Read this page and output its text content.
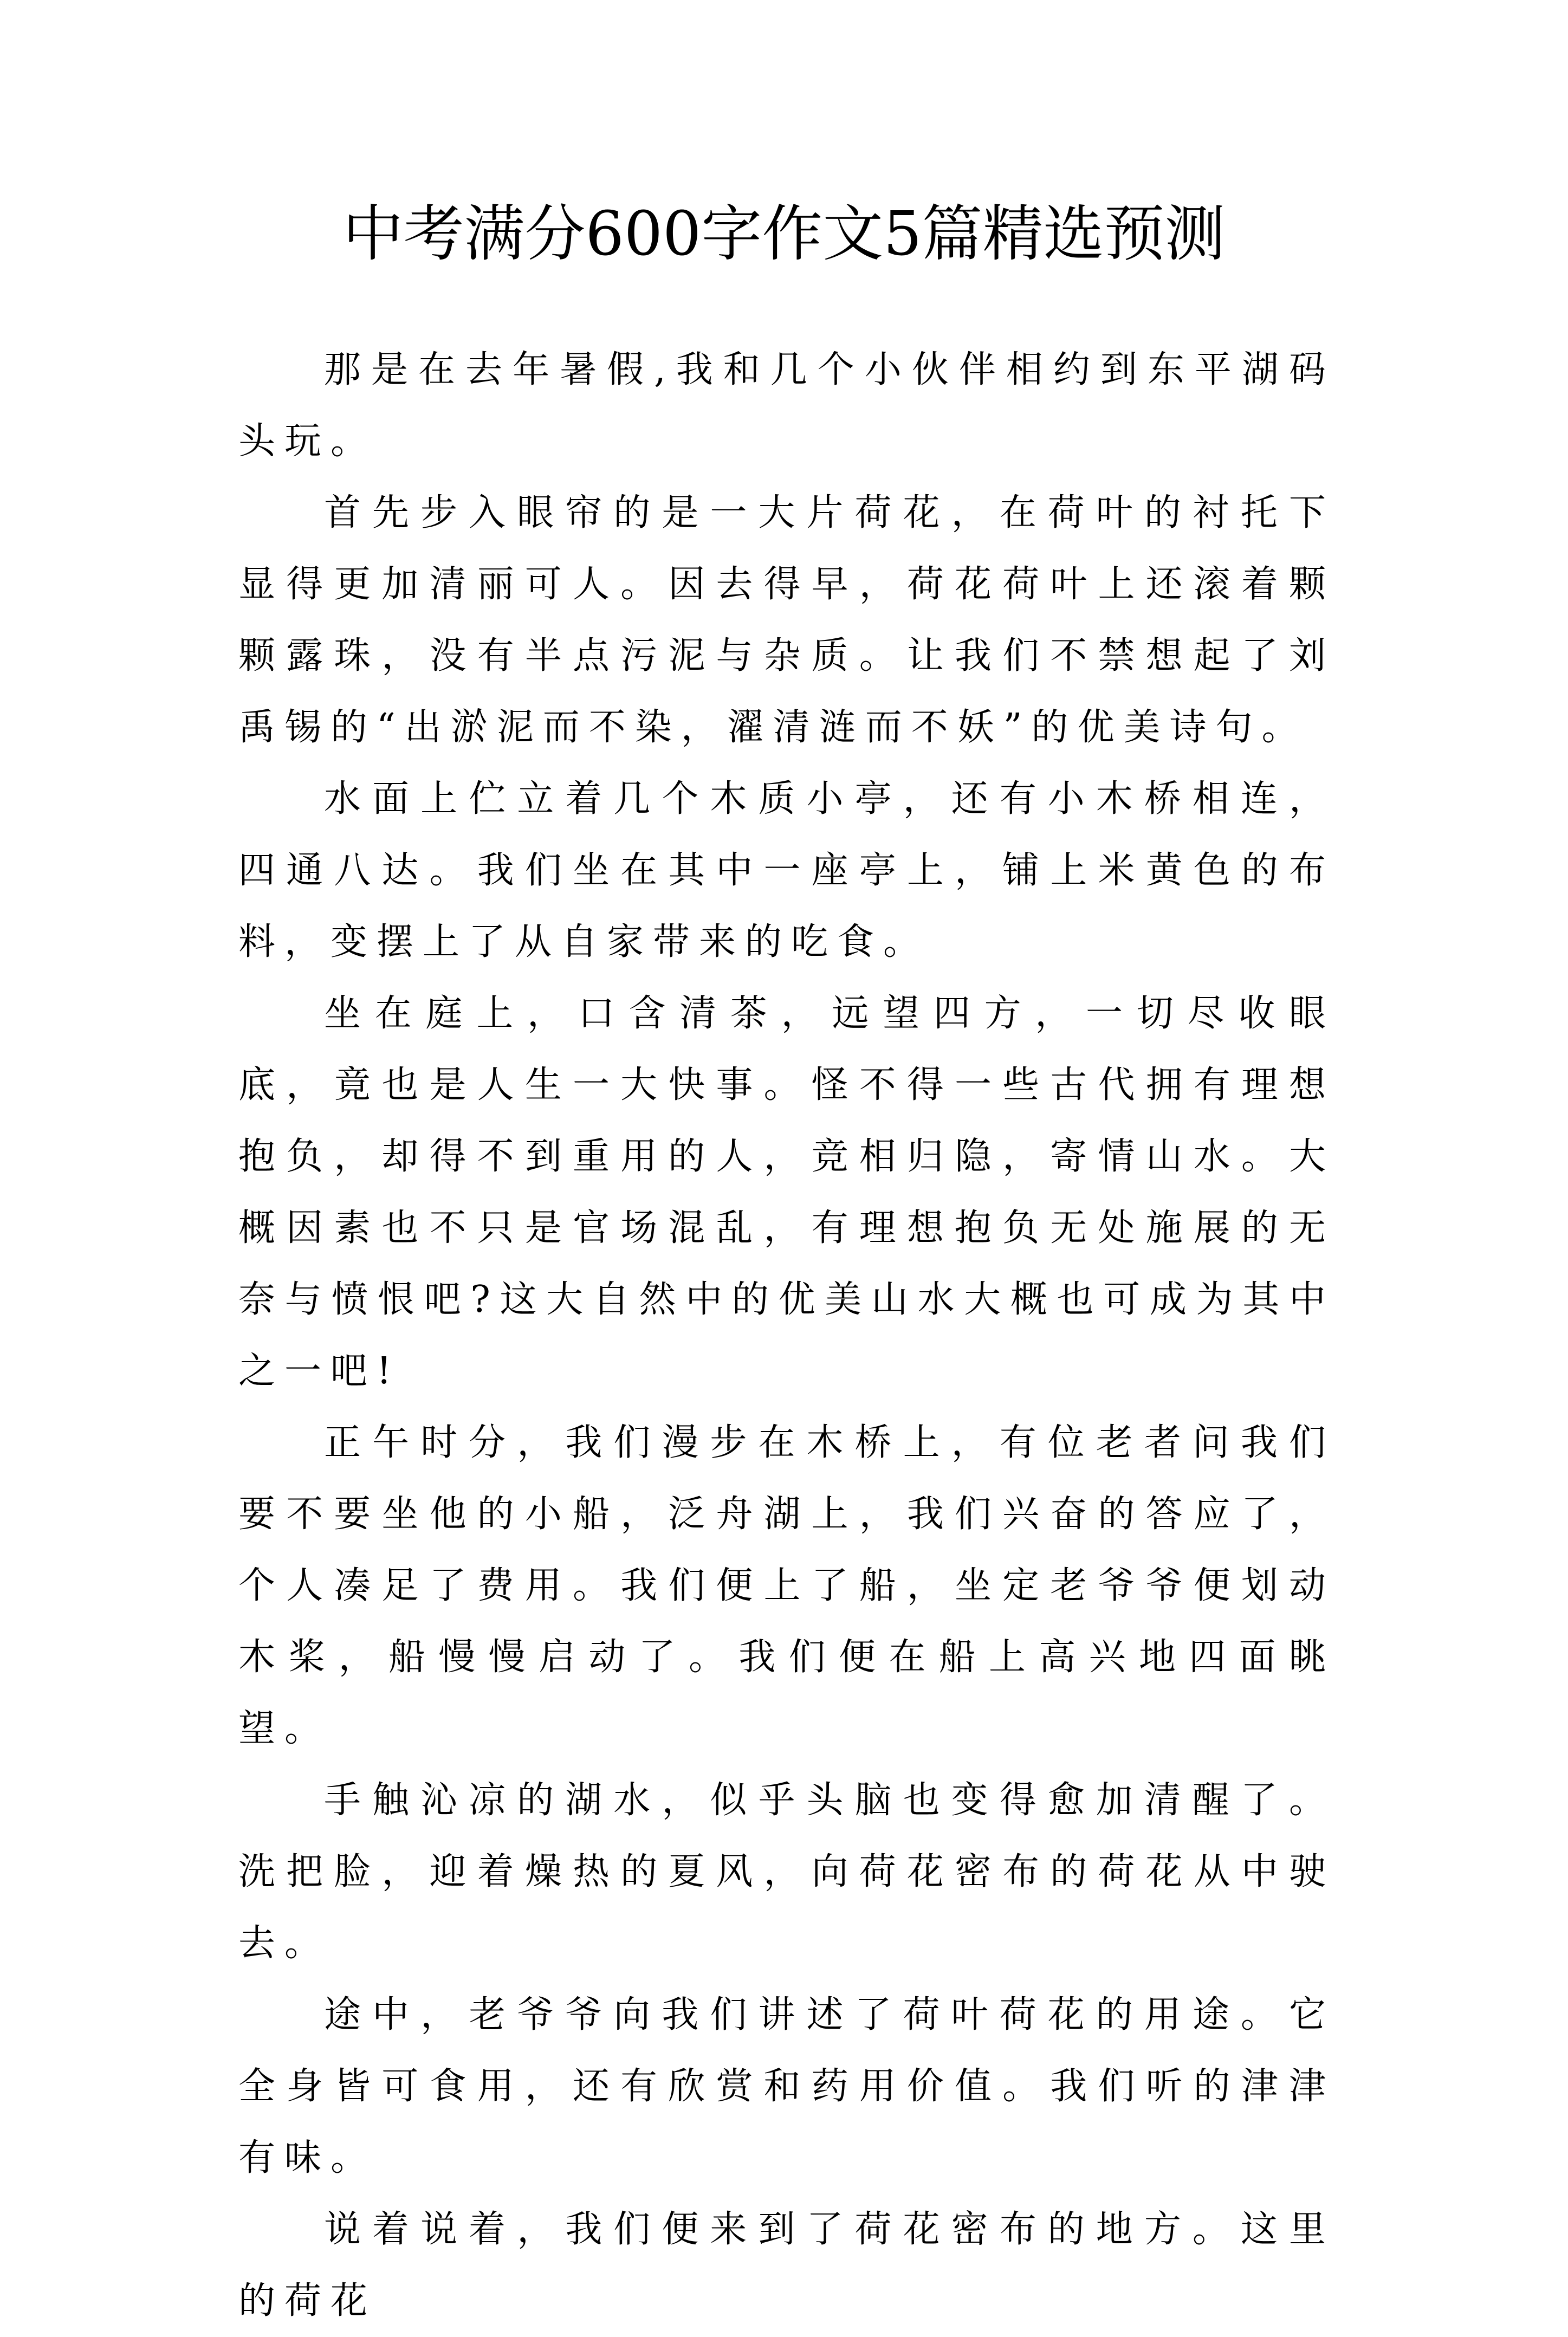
中考满分600字作文5篇精选预测

那是在去年暑假,我和几个小伙伴相约到东平湖码头玩。

首先步入眼帘的是一大片荷花，在荷叶的衬托下显得更加清丽可人。因去得早，荷花荷叶上还滚着颗颗露珠，没有半点污泥与杂质。让我们不禁想起了刘禹锡的“出淤泥而不染，濯清涟而不妖”的优美诗句。

水面上伫立着几个木质小亭，还有小木桥相连，四通八达。我们坐在其中一座亭上，铺上米黄色的布料，变摆上了从自家带来的吃食。

坐在庭上，口含清茶，远望四方，一切尽收眼底，竟也是人生一大快事。怪不得一些古代拥有理想抱负，却得不到重用的人，竞相归隐，寄情山水。大概因素也不只是官场混乱，有理想抱负无处施展的无奈与愤恨吧?这大自然中的优美山水大概也可成为其中之一吧!

正午时分，我们漫步在木桥上，有位老者问我们要不要坐他的小船，泛舟湖上，我们兴奋的答应了，个人凑足了费用。我们便上了船，坐定老爷爷便划动木桨，船慢慢启动了。我们便在船上高兴地四面眺望。

手触沁凉的湖水，似乎头脑也变得愈加清醒了。洗把脸，迎着燥热的夏风，向荷花密布的荷花从中驶去。

途中，老爷爷向我们讲述了荷叶荷花的用途。它全身皆可食用，还有欣赏和药用价值。我们听的津津有味。

说着说着，我们便来到了荷花密布的地方。这里的荷花
